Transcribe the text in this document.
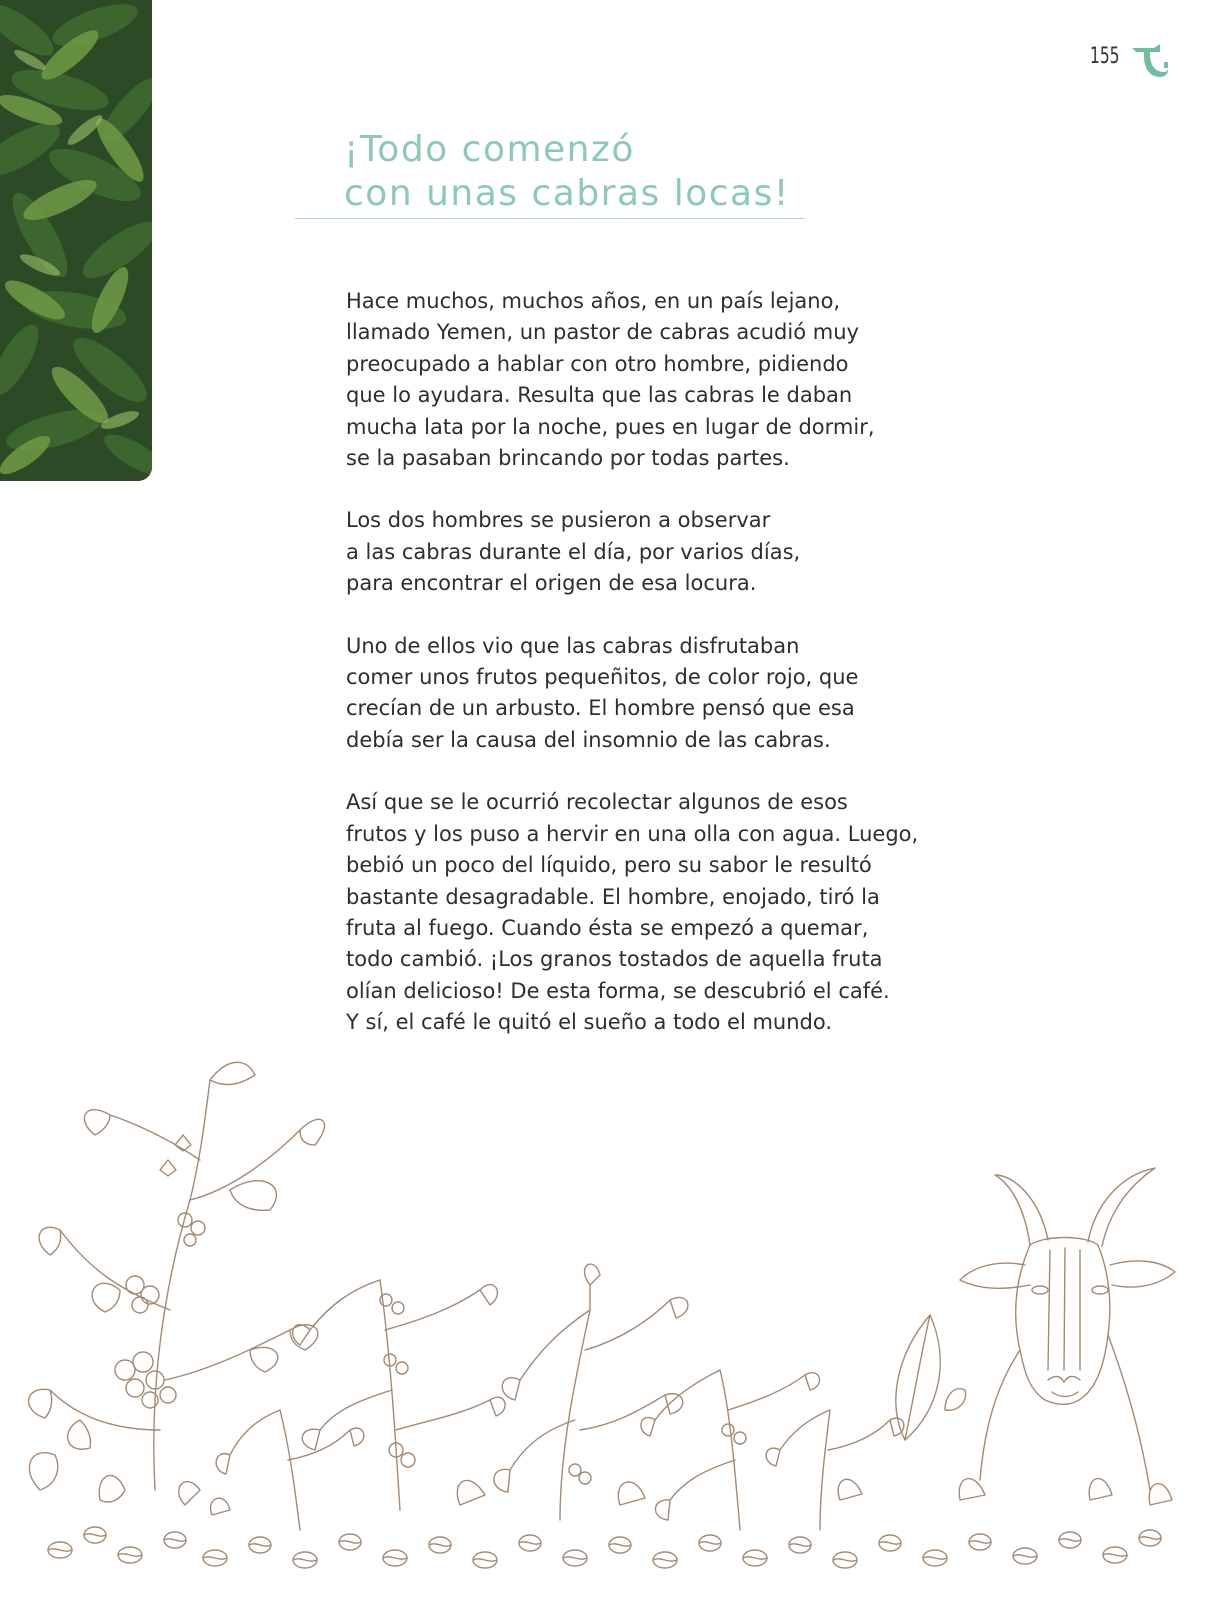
155
¡Todo comenzó
con unas cabras locas!

Hace muchos, muchos años, en un país lejano,
llamado Yemen, un pastor de cabras acudió muy
preocupado a hablar con otro hombre, pidiendo
que lo ayudara. Resulta que las cabras le daban
mucha lata por la noche, pues en lugar de dormir,
se la pasaban brincando por todas partes.

Los dos hombres se pusieron a observar
a las cabras durante el día, por varios días,
para encontrar el origen de esa locura.

Uno de ellos vio que las cabras disfrutaban
comer unos frutos pequeñitos, de color rojo, que
crecían de un arbusto. El hombre pensó que esa
debía ser la causa del insomnio de las cabras.

Así que se le ocurrió recolectar algunos de esos
frutos y los puso a hervir en una olla con agua. Luego,
bebió un poco del líquido, pero su sabor le resultó
bastante desagradable. El hombre, enojado, tiró la
fruta al fuego. Cuando ésta se empezó a quemar,
todo cambió. ¡Los granos tostados de aquella fruta
olían delicioso! De esta forma, se descubrió el café.
Y sí, el café le quitó el sueño a todo el mundo.
